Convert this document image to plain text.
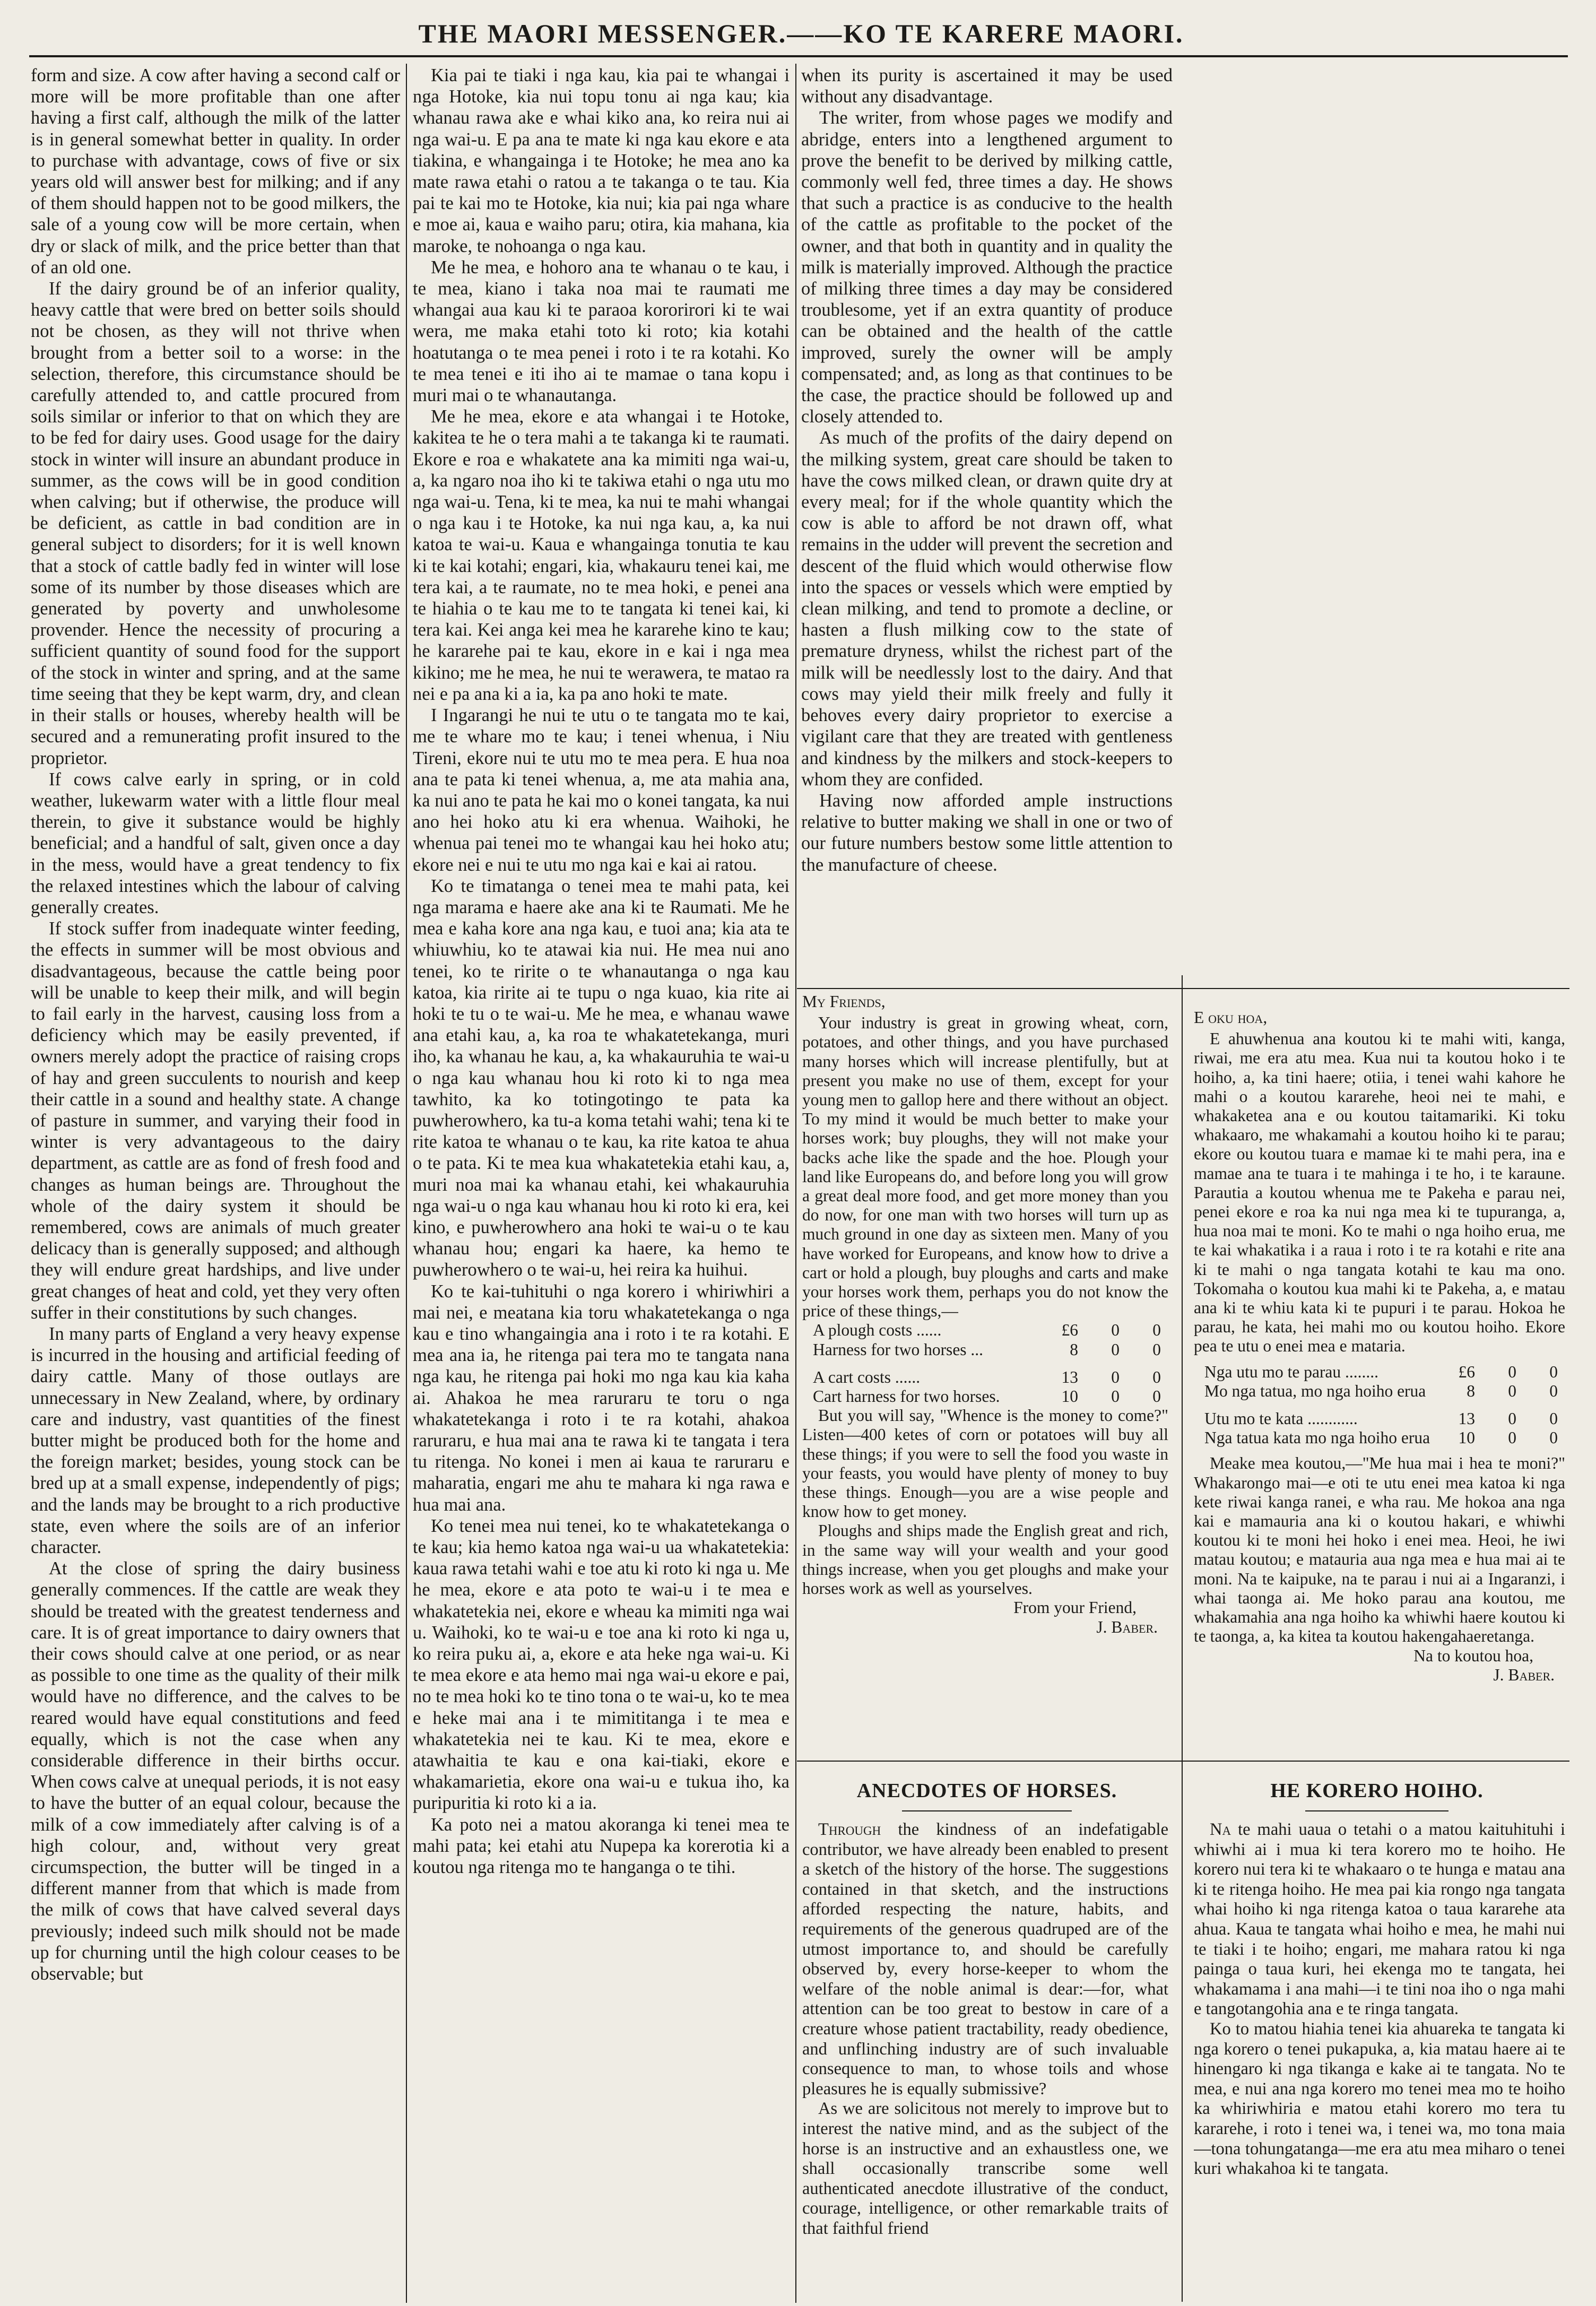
THE MAORI MESSENGER.——KO TE KARERE MAORI.

form and size. A cow after having a second calf or more will be more profitable than one after having a first calf, although the milk of the latter is in general somewhat better in quality. In order to purchase with advantage, cows of five or six years old will answer best for milking; and if any of them should happen not to be good milkers, the sale of a young cow will be more certain, when dry or slack of milk, and the price better than that of an old one.

If the dairy ground be of an inferior quality, heavy cattle that were bred on better soils should not be chosen, as they will not thrive when brought from a better soil to a worse: in the selection, therefore, this circumstance should be carefully attended to, and cattle procured from soils similar or inferior to that on which they are to be fed for dairy uses. Good usage for the dairy stock in winter will insure an abundant produce in summer, as the cows will be in good condition when calving; but if otherwise, the produce will be deficient, as cattle in bad condition are in general subject to disorders; for it is well known that a stock of cattle badly fed in winter will lose some of its number by those diseases which are generated by poverty and unwholesome provender. Hence the necessity of procuring a sufficient quantity of sound food for the support of the stock in winter and spring, and at the same time seeing that they be kept warm, dry, and clean in their stalls or houses, whereby health will be secured and a remunerating profit insured to the proprietor.

If cows calve early in spring, or in cold weather, lukewarm water with a little flour meal therein, to give it substance would be highly beneficial; and a handful of salt, given once a day in the mess, would have a great tendency to fix the relaxed intestines which the labour of calving generally creates.

If stock suffer from inadequate winter feeding, the effects in summer will be most obvious and disadvantageous, because the cattle being poor will be unable to keep their milk, and will begin to fail early in the harvest, causing loss from a deficiency which may be easily prevented, if owners merely adopt the practice of raising crops of hay and green succulents to nourish and keep their cattle in a sound and healthy state. A change of pasture in summer, and varying their food in winter is very advantageous to the dairy department, as cattle are as fond of fresh food and changes as human beings are. Throughout the whole of the dairy system it should be remembered, cows are animals of much greater delicacy than is generally supposed; and although they will endure great hardships, and live under great changes of heat and cold, yet they very often suffer in their constitutions by such changes.

In many parts of England a very heavy expense is incurred in the housing and artificial feeding of dairy cattle. Many of those outlays are unnecessary in New Zealand, where, by ordinary care and industry, vast quantities of the finest butter might be produced both for the home and the foreign market; besides, young stock can be bred up at a small expense, independently of pigs; and the lands may be brought to a rich productive state, even where the soils are of an inferior character.

At the close of spring the dairy business generally commences. If the cattle are weak they should be treated with the greatest tenderness and care. It is of great importance to dairy owners that their cows should calve at one period, or as near as possible to one time as the quality of their milk would have no difference, and the calves to be reared would have equal constitutions and feed equally, which is not the case when any considerable difference in their births occur. When cows calve at unequal periods, it is not easy to have the butter of an equal colour, because the milk of a cow immediately after calving is of a high colour, and, without very great circumspection, the butter will be tinged in a different manner from that which is made from the milk of cows that have calved several days previously; indeed such milk should not be made up for churning until the high colour ceases to be observable; but

Kia pai te tiaki i nga kau, kia pai te whangai i nga Hotoke, kia nui topu tonu ai nga kau; kia whanau rawa ake e whai kiko ana, ko reira nui ai nga wai-u. E pa ana te mate ki nga kau ekore e ata tiakina, e whangainga i te Hotoke; he mea ano ka mate rawa etahi o ratou a te takanga o te tau. Kia pai te kai mo te Hotoke, kia nui; kia pai nga whare e moe ai, kaua e waiho paru; otira, kia mahana, kia maroke, te nohoanga o nga kau.

Me he mea, e hohoro ana te whanau o te kau, i te mea, kiano i taka noa mai te raumati me whangai aua kau ki te paraoa kororirori ki te wai wera, me maka etahi toto ki roto; kia kotahi hoatutanga o te mea penei i roto i te ra kotahi. Ko te mea tenei e iti iho ai te mamae o tana kopu i muri mai o te whanautanga.

Me he mea, ekore e ata whangai i te Hotoke, kakitea te he o tera mahi a te takanga ki te raumati. Ekore e roa e whakatete ana ka mimiti nga wai-u, a, ka ngaro noa iho ki te takiwa etahi o nga utu mo nga wai-u. Tena, ki te mea, ka nui te mahi whangai o nga kau i te Hotoke, ka nui nga kau, a, ka nui katoa te wai-u. Kaua e whangainga tonutia te kau ki te kai kotahi; engari, kia, whakauru tenei kai, me tera kai, a te raumate, no te mea hoki, e penei ana te hiahia o te kau me to te tangata ki tenei kai, ki tera kai. Kei anga kei mea he kararehe kino te kau; he kararehe pai te kau, ekore in e kai i nga mea kikino; me he mea, he nui te werawera, te matao ra nei e pa ana ki a ia, ka pa ano hoki te mate.

I Ingarangi he nui te utu o te tangata mo te kai, me te whare mo te kau; i tenei whenua, i Niu Tireni, ekore nui te utu mo te mea pera. E hua noa ana te pata ki tenei whenua, a, me ata mahia ana, ka nui ano te pata he kai mo o konei tangata, ka nui ano hei hoko atu ki era whenua. Waihoki, he whenua pai tenei mo te whangai kau hei hoko atu; ekore nei e nui te utu mo nga kai e kai ai ratou.

Ko te timatanga o tenei mea te mahi pata, kei nga marama e haere ake ana ki te Raumati. Me he mea e kaha kore ana nga kau, e tuoi ana; kia ata te whiuwhiu, ko te atawai kia nui. He mea nui ano tenei, ko te ririte o te whanautanga o nga kau katoa, kia ririte ai te tupu o nga kuao, kia rite ai hoki te tu o te wai-u. Me he mea, e whanau wawe ana etahi kau, a, ka roa te whakatetekanga, muri iho, ka whanau he kau, a, ka whakauruhia te wai-u o nga kau whanau hou ki roto ki to nga mea tawhito, ka ko totingotingo te pata ka puwherowhero, ka tu-a koma tetahi wahi; tena ki te rite katoa te whanau o te kau, ka rite katoa te ahua o te pata. Ki te mea kua whakatetekia etahi kau, a, muri noa mai ka whanau etahi, kei whakauruhia nga wai-u o nga kau whanau hou ki roto ki era, kei kino, e puwherowhero ana hoki te wai-u o te kau whanau hou; engari ka haere, ka hemo te puwherowhero o te wai-u, hei reira ka huihui.

Ko te kai-tuhituhi o nga korero i whiriwhiri a mai nei, e meatana kia toru whakatetekanga o nga kau e tino whangaingia ana i roto i te ra kotahi. E mea ana ia, he ritenga pai tera mo te tangata nana nga kau, he ritenga pai hoki mo nga kau kia kaha ai. Ahakoa he mea raruraru te toru o nga whakatetekanga i roto i te ra kotahi, ahakoa raruraru, e hua mai ana te rawa ki te tangata i tera tu ritenga. No konei i men ai kaua te raruraru e maharatia, engari me ahu te mahara ki nga rawa e hua mai ana.

Ko tenei mea nui tenei, ko te whakatetekanga o te kau; kia hemo katoa nga wai-u ua whakatetekia: kaua rawa tetahi wahi e toe atu ki roto ki nga u. Me he mea, ekore e ata poto te wai-u i te mea e whakatetekia nei, ekore e wheau ka mimiti nga wai u. Waihoki, ko te wai-u e toe ana ki roto ki nga u, ko reira puku ai, a, ekore e ata heke nga wai-u. Ki te mea ekore e ata hemo mai nga wai-u ekore e pai, no te mea hoki ko te tino tona o te wai-u, ko te mea e heke mai ana i te mimititanga i te mea e whakatetekia nei te kau. Ki te mea, ekore e atawhaitia te kau e ona kai-tiaki, ekore e whakamarietia, ekore ona wai-u e tukua iho, ka puripuritia ki roto ki a ia.

Ka poto nei a matou akoranga ki tenei mea te mahi pata; kei etahi atu Nupepa ka korerotia ki a koutou nga ritenga mo te hanganga o te tihi.

when its purity is ascertained it may be used without any disadvantage.

The writer, from whose pages we modify and abridge, enters into a lengthened argument to prove the benefit to be derived by milking cattle, commonly well fed, three times a day. He shows that such a practice is as conducive to the health of the cattle as profitable to the pocket of the owner, and that both in quantity and in quality the milk is materially improved. Although the practice of milking three times a day may be considered troublesome, yet if an extra quantity of produce can be obtained and the health of the cattle improved, surely the owner will be amply compensated; and, as long as that continues to be the case, the practice should be followed up and closely attended to.

As much of the profits of the dairy depend on the milking system, great care should be taken to have the cows milked clean, or drawn quite dry at every meal; for if the whole quantity which the cow is able to afford be not drawn off, what remains in the udder will prevent the secretion and descent of the fluid which would otherwise flow into the spaces or vessels which were emptied by clean milking, and tend to promote a decline, or hasten a flush milking cow to the state of premature dryness, whilst the richest part of the milk will be needlessly lost to the dairy. And that cows may yield their milk freely and fully it behoves every dairy proprietor to exercise a vigilant care that they are treated with gentleness and kindness by the milkers and stock-keepers to whom they are confided.

Having now afforded ample instructions relative to butter making we shall in one or two of our future numbers bestow some little attention to the manufacture of cheese.

My Friends,

Your industry is great in growing wheat, corn, potatoes, and other things, and you have purchased many horses which will increase plentifully, but at present you make no use of them, except for your young men to gallop here and there without an object. To my mind it would be much better to make your horses work; buy ploughs, they will not make your backs ache like the spade and the hoe. Plough your land like Europeans do, and before long you will grow a great deal more food, and get more money than you do now, for one man with two horses will turn up as much ground in one day as sixteen men. Many of you have worked for Europeans, and know how to drive a cart or hold a plough, buy ploughs and carts and make your horses work them, perhaps you do not know the price of these things,—

A plough costs ......	£6	0	0
Harness for two horses ...	8	0	0
A cart costs ......	13	0	0
Cart harness for two horses.	10	0	0

But you will say, "Whence is the money to come?" Listen—400 ketes of corn or potatoes will buy all these things; if you were to sell the food you waste in your feasts, you would have plenty of money to buy these things. Enough—you are a wise people and know how to get money.

Ploughs and ships made the English great and rich, in the same way will your wealth and your good things increase, when you get ploughs and make your horses work as well as yourselves.

From your Friend,
J. Baber.

E oku hoa,

E ahuwhenua ana koutou ki te mahi witi, kanga, riwai, me era atu mea. Kua nui ta koutou hoko i te hoiho, a, ka tini haere; otiia, i tenei wahi kahore he mahi o a koutou kararehe, heoi nei te mahi, e whakaketea ana e ou koutou taitamariki. Ki toku whakaaro, me whakamahi a koutou hoiho ki te parau; ekore ou koutou tuara e mamae ki te mahi pera, ina e mamae ana te tuara i te mahinga i te ho, i te karaune. Parautia a koutou whenua me te Pakeha e parau nei, penei ekore e roa ka nui nga mea ki te tupuranga, a, hua noa mai te moni. Ko te mahi o nga hoiho erua, me te kai whakatika i a raua i roto i te ra kotahi e rite ana ki te mahi o nga tangata kotahi te kau ma ono. Tokomaha o koutou kua mahi ki te Pakeha, a, e matau ana ki te whiu kata ki te pupuri i te parau. Hokoa he parau, he kata, hei mahi mo ou koutou hoiho. Ekore pea te utu o enei mea e mataria.

Nga utu mo te parau ........	£6	0	0
Mo nga tatua, mo nga hoiho erua	8	0	0
Utu mo te kata ............	13	0	0
Nga tatua kata mo nga hoiho erua	10	0	0

Meake mea koutou,—"Me hua mai i hea te moni?" Whakarongo mai—e oti te utu enei mea katoa ki nga kete riwai kanga ranei, e wha rau. Me hokoa ana nga kai e mamauria ana ki o koutou hakari, e whiwhi koutou ki te moni hei hoko i enei mea. Heoi, he iwi matau koutou; e matauria aua nga mea e hua mai ai te moni. Na te kaipuke, na te parau i nui ai a Ingaranzi, i whai taonga ai. Me hoko parau ana koutou, me whakamahia ana nga hoiho ka whiwhi haere koutou ki te taonga, a, ka kitea ta koutou hakengahaeretanga.

Na to koutou hoa,
J. Baber.
ANECDOTES OF HORSES.

Through the kindness of an indefatigable contributor, we have already been enabled to present a sketch of the history of the horse. The suggestions contained in that sketch, and the instructions afforded respecting the nature, habits, and requirements of the generous quadruped are of the utmost importance to, and should be carefully observed by, every horse-keeper to whom the welfare of the noble animal is dear:—for, what attention can be too great to bestow in care of a creature whose patient tractability, ready obedience, and unflinching industry are of such invaluable consequence to man, to whose toils and whose pleasures he is equally submissive?

As we are solicitous not merely to improve but to interest the native mind, and as the subject of the horse is an instructive and an exhaustless one, we shall occasionally transcribe some well authenticated anecdote illustrative of the conduct, courage, intelligence, or other remarkable traits of that faithful friend

HE KORERO HOIHO.

Na te mahi uaua o tetahi o a matou kaituhituhi i whiwhi ai i mua ki tera korero mo te hoiho. He korero nui tera ki te whakaaro o te hunga e matau ana ki te ritenga hoiho. He mea pai kia rongo nga tangata whai hoiho ki nga ritenga katoa o taua kararehe ata ahua. Kaua te tangata whai hoiho e mea, he mahi nui te tiaki i te hoiho; engari, me mahara ratou ki nga painga o taua kuri, hei ekenga mo te tangata, hei whakamama i ana mahi—i te tini noa iho o nga mahi e tangotangohia ana e te ringa tangata.

Ko to matou hiahia tenei kia ahuareka te tangata ki nga korero o tenei pukapuka, a, kia matau haere ai te hinengaro ki nga tikanga e kake ai te tangata. No te mea, e nui ana nga korero mo tenei mea mo te hoiho ka whiriwhiria e matou etahi korero mo tera tu kararehe, i roto i tenei wa, i tenei wa, mo tona maia—tona tohungatanga—me era atu mea miharo o tenei kuri whakahoa ki te tangata.
